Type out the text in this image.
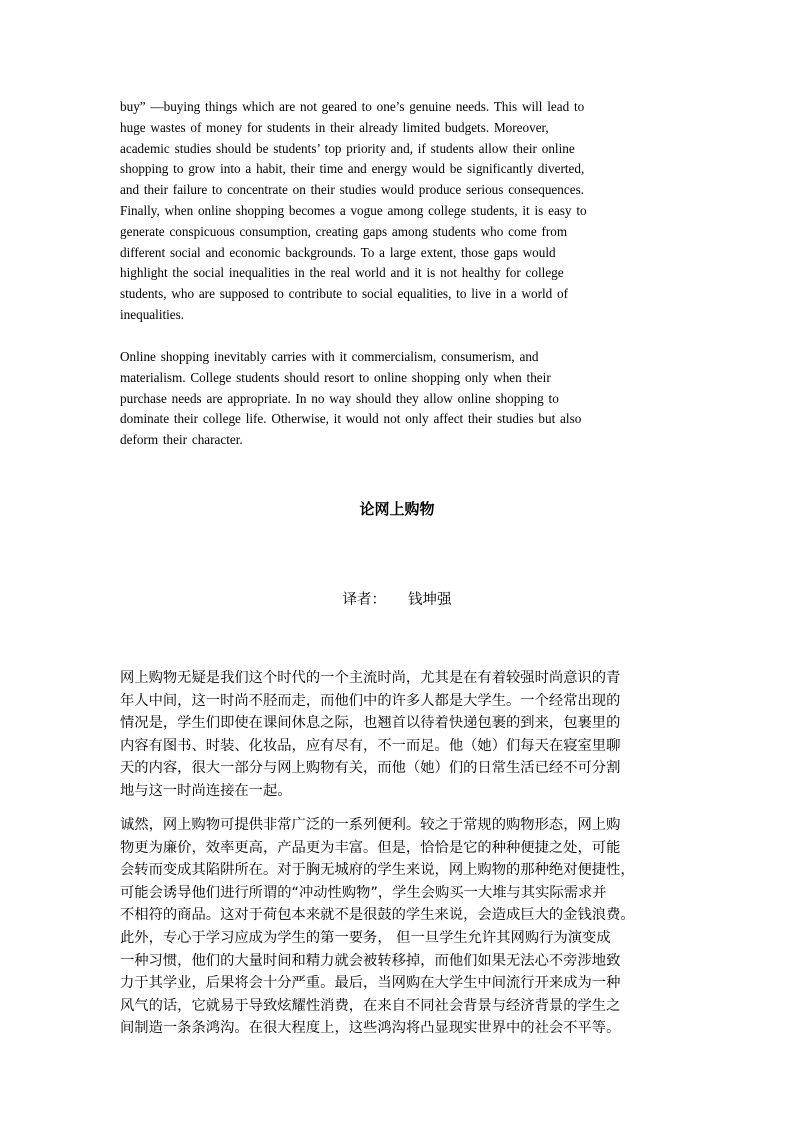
buy” —buying things which are not geared to one’s genuine needs. This will lead to
huge wastes of money for students in their already limited budgets. Moreover,
academic studies should be students’ top priority and, if students allow their online
shopping to grow into a habit, their time and energy would be significantly diverted,
and their failure to concentrate on their studies would produce serious consequences.
Finally, when online shopping becomes a vogue among college students, it is easy to
generate conspicuous consumption, creating gaps among students who come from
different social and economic backgrounds. To a large extent, those gaps would
highlight the social inequalities in the real world and it is not healthy for college
students, who are supposed to contribute to social equalities, to live in a world of
inequalities.
Online shopping inevitably carries with it commercialism, consumerism, and
materialism. College students should resort to online shopping only when their
purchase needs are appropriate. In no way should they allow online shopping to
dominate their college life. Otherwise, it would not only affect their studies but also
deform their character.
论网上购物

译者： 钱坤强

网上购物无疑是我们这个时代的一个主流时尚，尤其是在有着较强时尚意识的青
年人中间，这一时尚不胫而走，而他们中的许多人都是大学生。一个经常出现的
情况是，学生们即使在课间休息之际，也翘首以待着快递包裹的到来，包裹里的
内容有图书、时装、化妆品，应有尽有，不一而足。他（她）们每天在寝室里聊
天的内容，很大一部分与网上购物有关，而他（她）们的日常生活已经不可分割
地与这一时尚连接在一起。
诚然，网上购物可提供非常广泛的一系列便利。较之于常规的购物形态，网上购
物更为廉价，效率更高，产品更为丰富。但是，恰恰是它的种种便捷之处，可能
会转而变成其陷阱所在。对于胸无城府的学生来说，网上购物的那种绝对便捷性，
可能会诱导他们进行所谓的“冲动性购物”，学生会购买一大堆与其实际需求并
不相符的商品。这对于荷包本来就不是很鼓的学生来说，会造成巨大的金钱浪费。
此外，专心于学习应成为学生的第一要务， 但一旦学生允许其网购行为演变成
一种习惯，他们的大量时间和精力就会被转移掉，而他们如果无法心不旁涉地致
力于其学业，后果将会十分严重。最后，当网购在大学生中间流行开来成为一种
风气的话，它就易于导致炫耀性消费，在来自不同社会背景与经济背景的学生之
间制造一条条鸿沟。在很大程度上，这些鸿沟将凸显现实世界中的社会不平等。
